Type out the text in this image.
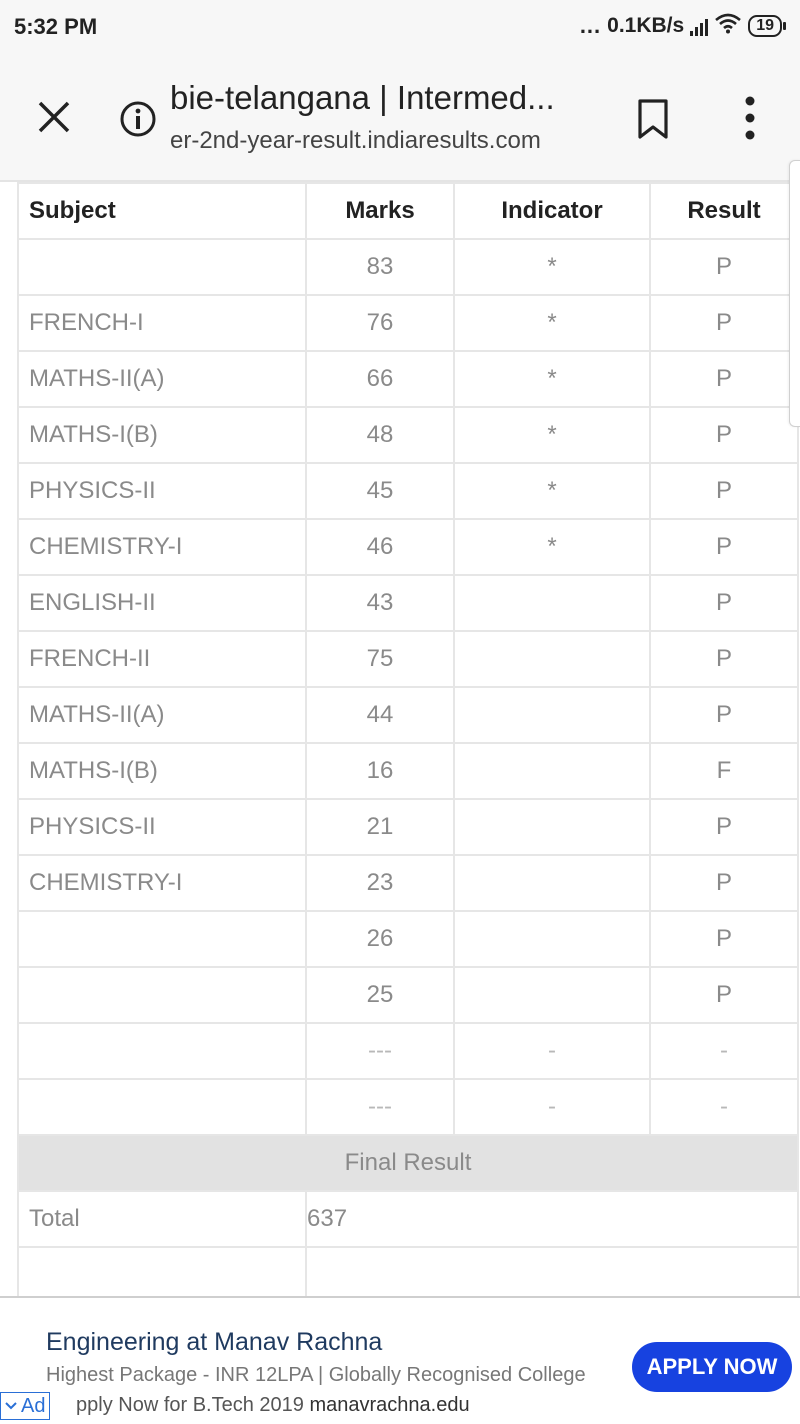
5:32 PM	... 0.1KB/s	19
bie-telangana | Intermed...
er-2nd-year-result.indiaresults.com
Subject	Marks	Indicator	Result
	83	*	P
FRENCH-I	76	*	P
MATHS-II(A)	66	*	P
MATHS-I(B)	48	*	P
PHYSICS-II	45	*	P
CHEMISTRY-I	46	*	P
ENGLISH-II	43		P
FRENCH-II	75		P
MATHS-II(A)	44		P
MATHS-I(B)	16		F
PHYSICS-II	21		P
CHEMISTRY-I	23		P
	26		P
	25		P
	---	-	-
	---	-	-
Final Result			
Total	637		

Engineering at Manav Rachna
Highest Package - INR 12LPA | Globally Recognised College
pply Now for B.Tech 2019 manavrachna.edu
Ad
APPLY NOW
